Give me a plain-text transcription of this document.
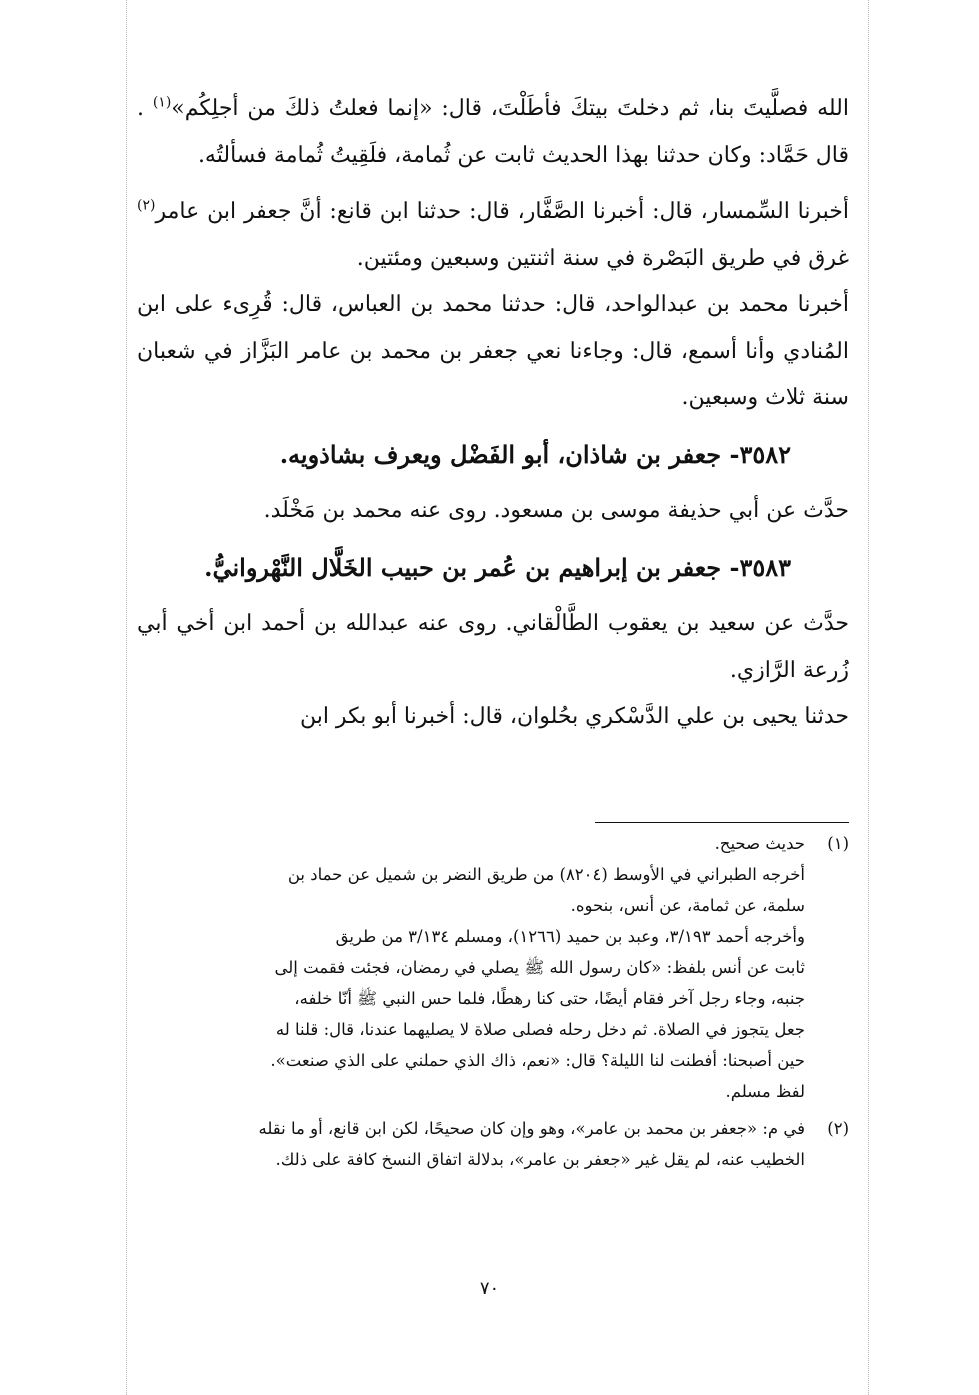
الله فصلَّيتَ بنا، ثم دخلتَ بيتكَ فأطَلْتَ، قال: «إنما فعلتُ ذلكَ من أجلِكُم»$^{(١)}$ . قال حَمَّاد: وكان حدثنا بهذا الحديث ثابت عن ثُمامة، فلَقِيتُ ثُمامة فسألتُه.

أخبرنا السِّمسار، قال: أخبرنا الصَّفَّار، قال: حدثنا ابن قانع: أنَّ جعفر ابن عامر$^{(٢)}$ غرق في طريق البَصْرة في سنة اثنتين وسبعين ومئتين.

أخبرنا محمد بن عبدالواحد، قال: حدثنا محمد بن العباس، قال: قُرِىء على ابن المُنادي وأنا أسمع، قال: وجاءنا نعي جعفر بن محمد بن عامر البَزَّاز في شعبان سنة ثلاث وسبعين.

٣٥٨٢- جعفر بن شاذان، أبو الفَضْل ويعرف بشاذويه.

حدَّث عن أبي حذيفة موسى بن مسعود. روى عنه محمد بن مَخْلَد.

٣٥٨٣- جعفر بن إبراهيم بن عُمر بن حبيب الخَلَّال النَّهْروانيُّ.

حدَّث عن سعيد بن يعقوب الطَّالْقاني. روى عنه عبدالله بن أحمد ابن أخي أبي زُرعة الرَّازي.

حدثنا يحيى بن علي الدَّسْكري بحُلوان، قال: أخبرنا أبو بكر ابن

(١)
حديث صحيح.
أخرجه الطبراني في الأوسط (٨٢٠٤) من طريق النضر بن شميل عن حماد بن
سلمة، عن ثمامة، عن أنس، بنحوه.
وأخرجه أحمد ٣/١٩٣، وعبد بن حميد (١٢٦٦)، ومسلم ٣/١٣٤ من طريق
ثابت عن أنس بلفظ: «كان رسول الله ﷺ يصلي في رمضان، فجئت فقمت إلى
جنبه، وجاء رجل آخر فقام أيضًا، حتى كنا رهطًا، فلما حس النبي ﷺ أنّا خلفه،
جعل يتجوز في الصلاة. ثم دخل رحله فصلى صلاة لا يصليهما عندنا، قال: قلنا له
حين أصبحنا: أفطنت لنا الليلة؟ قال: «نعم، ذاك الذي حملني على الذي صنعت».
لفظ مسلم.
(٢)
في م: «جعفر بن محمد بن عامر»، وهو وإن كان صحيحًا، لكن ابن قانع، أو ما نقله
الخطيب عنه، لم يقل غير «جعفر بن عامر»، بدلالة اتفاق النسخ كافة على ذلك.
٧٠
